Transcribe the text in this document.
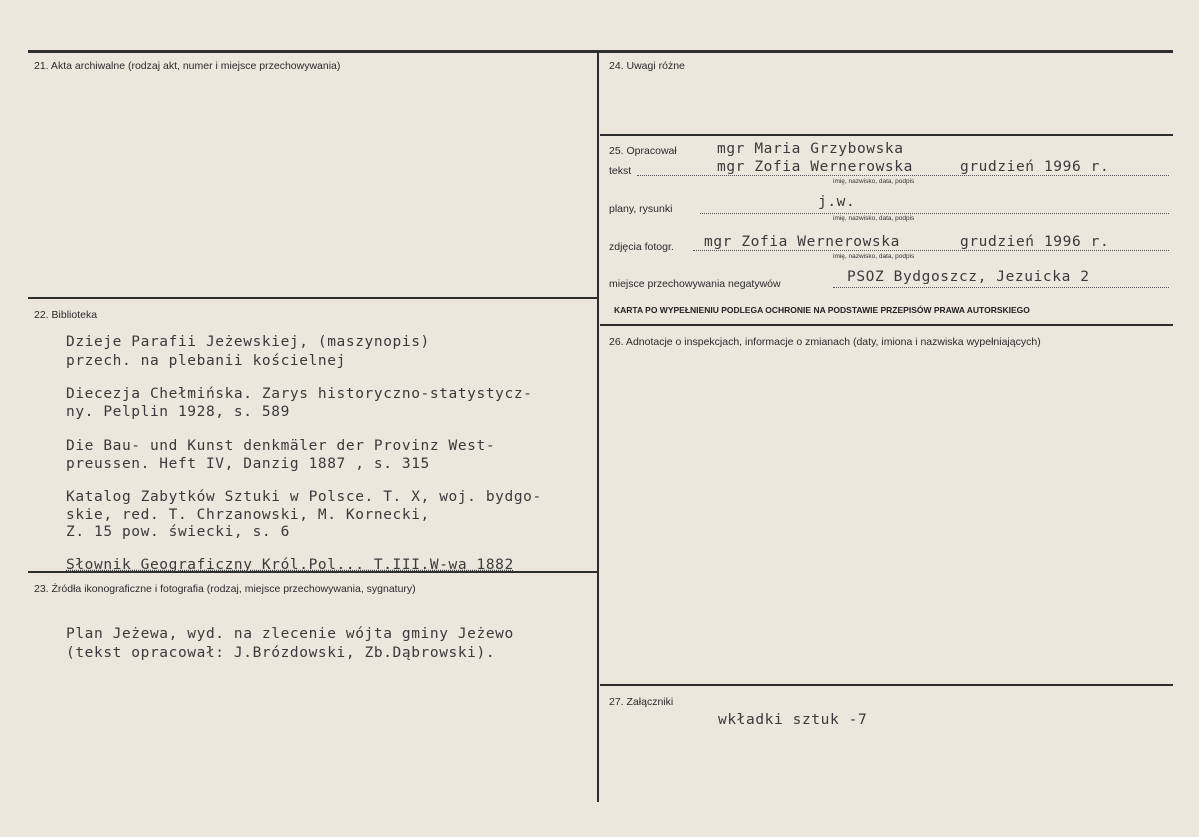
21. Akta archiwalne (rodzaj akt, numer i miejsce przechowywania)	24. Uwagi różne
25. Opracował	mgr Maria Grzybowska
tekst	mgr Zofia Wernerowska	grudzień 1996 r.
imię, nazwisko, data, podpis
plany, rysunki	j.w.
imię, nazwisko, data, podpis
zdjęcia fotogr. mgr Zofia Wernerowska	grudzień 1996 r.
imię, nazwisko, data, podpis
miejsce przechowywania negatywów	PSOZ Bydgoszcz, Jezuicka 2
KARTA PO WYPEŁNIENIU PODLEGA OCHRONIE NA PODSTAWIE PRZEPISÓW PRAWA AUTORSKIEGO
22. Biblioteka
Dzieje Parafii Jeżewskiej, (maszynopis)
przech. na plebanii kościelnej
Diecezja Chełmińska. Zarys historyczno-statystycz-
ny. Pelplin 1928, s. 589
Die Bau- und Kunst denkmäler der Provinz West-
preussen. Heft IV, Danzig 1887 , s. 315
Katalog Zabytków Sztuki w Polsce. T. X, woj. bydgo-
skie, red. T. Chrzanowski, M. Kornecki,
Z. 15 pow. świecki, s. 6
Słownik Geograficzny Król.Pol... T.III.W-wa 1882
26. Adnotacje o inspekcjach, informacje o zmianach (daty, imiona i nazwiska wypełniających)
23. Źródła ikonograficzne i fotografia (rodzaj, miejsce przechowywania, sygnatury)
Plan Jeżewa, wyd. na zlecenie wójta gminy Jeżewo
(tekst opracował: J.Brózdowski, Zb.Dąbrowski).
27. Załączniki
wkładki sztuk -7
